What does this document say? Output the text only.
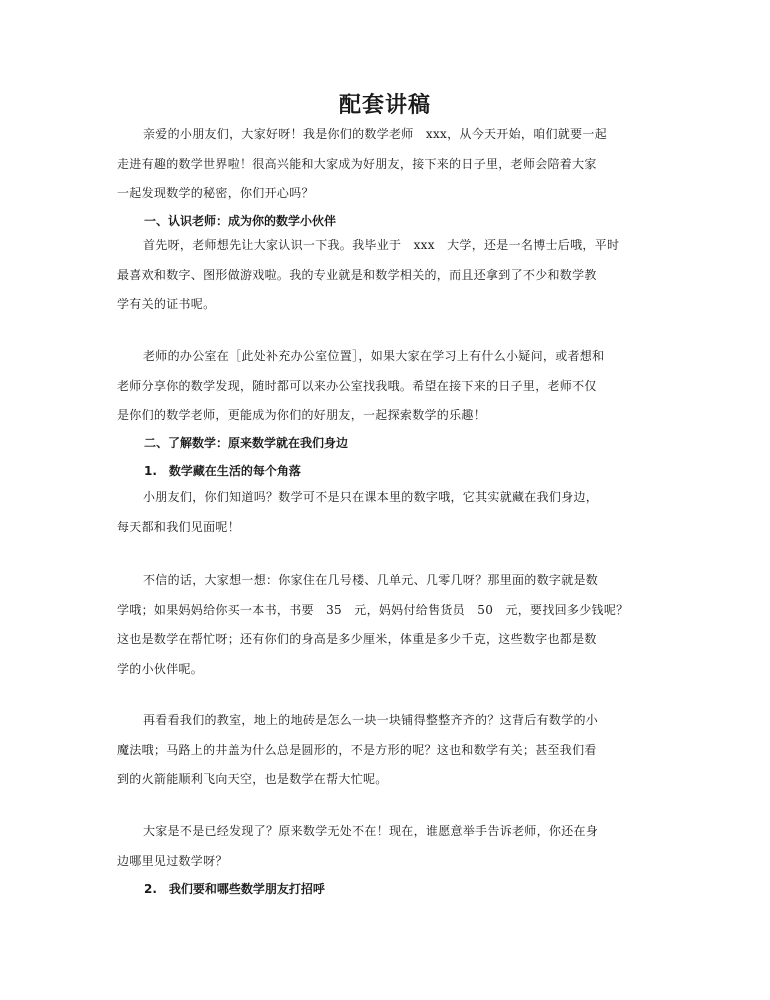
配套讲稿
亲爱的小朋友们，大家好呀！我是你们的数学老师　xxx，从今天开始，咱们就要一起
走进有趣的数学世界啦！很高兴能和大家成为好朋友，接下来的日子里，老师会陪着大家
一起发现数学的秘密，你们开心吗？
一、认识老师：成为你的数学小伙伴
首先呀，老师想先让大家认识一下我。我毕业于　xxx　大学，还是一名博士后哦，平时
最喜欢和数字、图形做游戏啦。我的专业就是和数学相关的，而且还拿到了不少和数学教
学有关的证书呢。
老师的办公室在［此处补充办公室位置］，如果大家在学习上有什么小疑问，或者想和
老师分享你的数学发现，随时都可以来办公室找我哦。希望在接下来的日子里，老师不仅
是你们的数学老师，更能成为你们的好朋友，一起探索数学的乐趣！
二、了解数学：原来数学就在我们身边
1.　数学藏在生活的每个角落
小朋友们，你们知道吗？数学可不是只在课本里的数字哦，它其实就藏在我们身边，
每天都和我们见面呢！
不信的话，大家想一想：你家住在几号楼、几单元、几零几呀？那里面的数字就是数
学哦；如果妈妈给你买一本书，书要　35　元，妈妈付给售货员　50　元，要找回多少钱呢？
这也是数学在帮忙呀；还有你们的身高是多少厘米，体重是多少千克，这些数字也都是数
学的小伙伴呢。
再看看我们的教室，地上的地砖是怎么一块一块铺得整整齐齐的？这背后有数学的小
魔法哦；马路上的井盖为什么总是圆形的，不是方形的呢？这也和数学有关；甚至我们看
到的火箭能顺利飞向天空，也是数学在帮大忙呢。
大家是不是已经发现了？原来数学无处不在！现在，谁愿意举手告诉老师，你还在身
边哪里见过数学呀？
2.　我们要和哪些数学朋友打招呼
